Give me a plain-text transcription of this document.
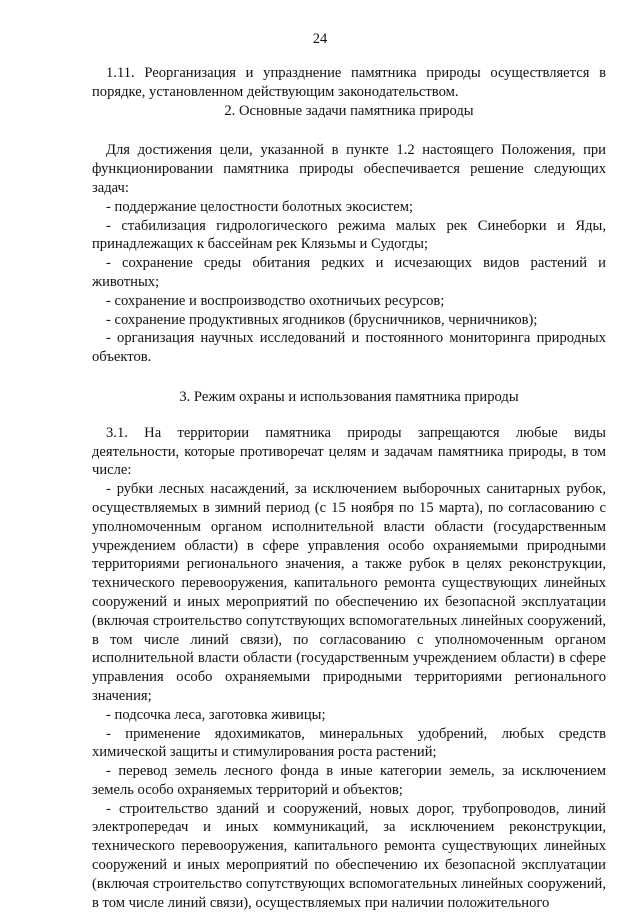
24

1.11. Реорганизация и упразднение памятника природы осуществляется в порядке, установленном действующим законодательством.

2. Основные задачи памятника природы

Для достижения цели, указанной в пункте 1.2 настоящего Положения, при функционировании памятника природы обеспечивается решение следующих задач:

- поддержание целостности болотных экосистем;

- стабилизация гидрологического режима малых рек Синеборки и Яды, принадлежащих к бассейнам рек Клязьмы и Судогды;

- сохранение среды обитания редких и исчезающих видов растений и животных;

- сохранение и воспроизводство охотничьих ресурсов;

- сохранение продуктивных ягодников (брусничников, черничников);

- организация научных исследований и постоянного мониторинга природных объектов.

3. Режим охраны и использования памятника природы

3.1. На территории памятника природы запрещаются любые виды деятельности, которые противоречат целям и задачам памятника природы, в том числе:

- рубки лесных насаждений, за исключением выборочных санитарных рубок, осуществляемых в зимний период (с 15 ноября по 15 марта), по согласованию с уполномоченным органом исполнительной власти области (государственным учреждением области) в сфере управления особо охраняемыми природными территориями регионального значения, а также рубок в целях реконструкции, технического перевооружения, капитального ремонта существующих линейных сооружений и иных мероприятий по обеспечению их безопасной эксплуатации (включая строительство сопутствующих вспомогательных линейных сооружений, в том числе линий связи), по согласованию с уполномоченным органом исполнительной власти области (государственным учреждением области) в сфере управления особо охраняемыми природными территориями регионального значения;

- подсочка леса, заготовка живицы;

- применение ядохимикатов, минеральных удобрений, любых средств химической защиты и стимулирования роста растений;

- перевод земель лесного фонда в иные категории земель, за исключением земель особо охраняемых территорий и объектов;

- строительство зданий и сооружений, новых дорог, трубопроводов, линий электропередач и иных коммуникаций, за исключением реконструкции, технического перевооружения, капитального ремонта существующих линейных сооружений и иных мероприятий по обеспечению их безопасной эксплуатации (включая строительство сопутствующих вспомогательных линейных сооружений, в том числе линий связи), осуществляемых при наличии положительного
